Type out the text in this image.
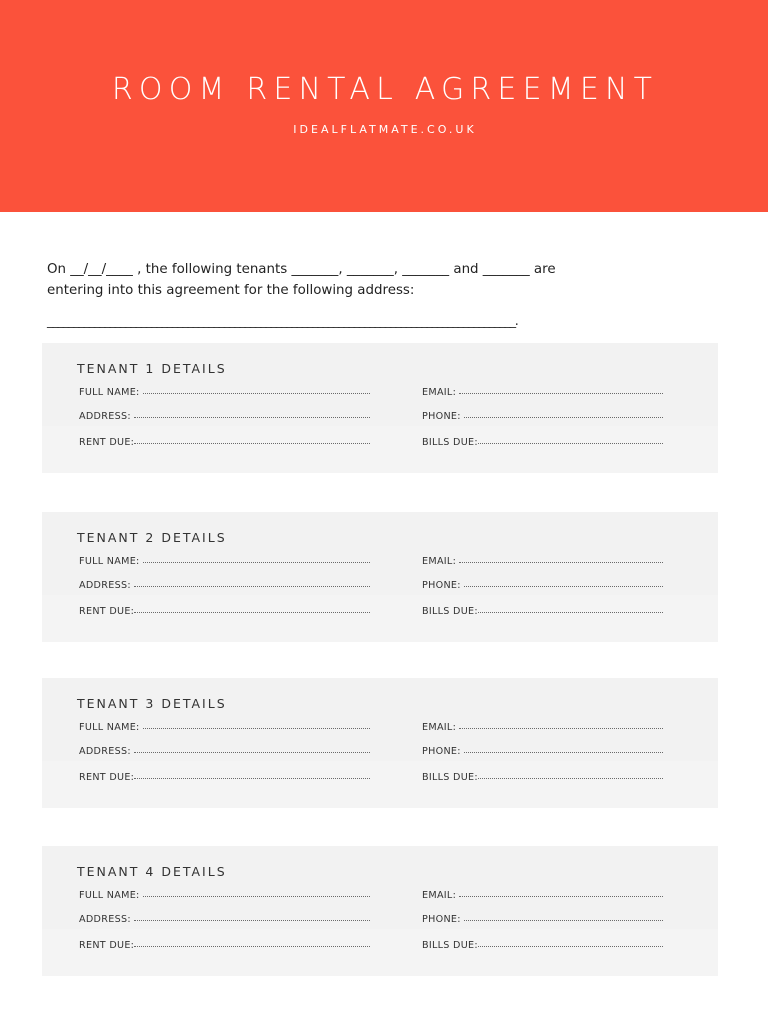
ROOM RENTAL AGREEMENT
IDEALFLATMATE.CO.UK
On __/__/____ , the following tenants _______, _______, _______ and _______ are
entering into this agreement for the following address:
__________________________________________________________________________________________.
TENANT 1 DETAILS
FULL NAME:
ADDRESS:
RENT DUE:
EMAIL:
PHONE:
BILLS DUE:
TENANT 2 DETAILS
FULL NAME:
ADDRESS:
RENT DUE:
EMAIL:
PHONE:
BILLS DUE:
TENANT 3 DETAILS
FULL NAME:
ADDRESS:
RENT DUE:
EMAIL:
PHONE:
BILLS DUE:
TENANT 4 DETAILS
FULL NAME:
ADDRESS:
RENT DUE:
EMAIL:
PHONE:
BILLS DUE:
